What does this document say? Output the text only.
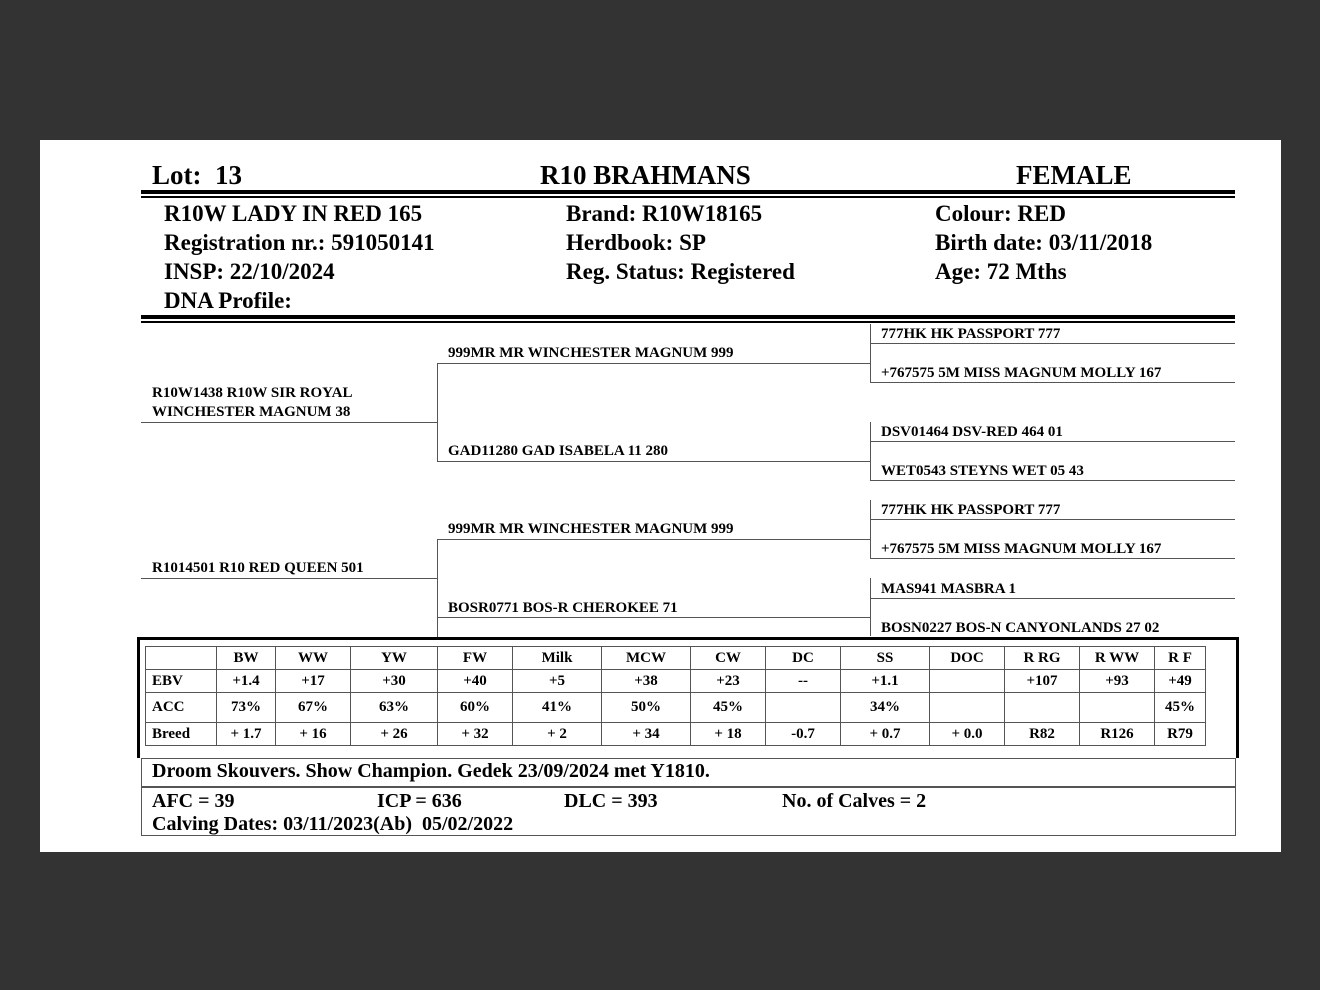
Lot: 13	R10 BRAHMANS	FEMALE
R10W LADY IN RED 165
Registration nr.: 591050141
INSP: 22/10/2024
DNA Profile:
Brand: R10W18165
Herdbook: SP
Reg. Status: Registered
Colour: RED
Birth date: 03/11/2018
Age: 72 Mths
R10W1438 R10W SIR ROYAL
WINCHESTER MAGNUM 38
R1014501 R10 RED QUEEN 501
999MR MR WINCHESTER MAGNUM 999
GAD11280 GAD ISABELA 11 280
999MR MR WINCHESTER MAGNUM 999
BOSR0771 BOS-R CHEROKEE 71
777HK HK PASSPORT 777
+767575 5M MISS MAGNUM MOLLY 167
DSV01464 DSV-RED 464 01
WET0543 STEYNS WET 05 43
777HK HK PASSPORT 777
+767575 5M MISS MAGNUM MOLLY 167
MAS941 MASBRA 1
BOSN0227 BOS-N CANYONLANDS 27 02
	BW	WW	YW	FW	Milk	MCW	CW	DC	SS	DOC	R RG	R WW	R F
EBV	+1.4	+17	+30	+40	+5	+38	+23	--	+1.1		+107	+93	+49
ACC	73%	67%	63%	60%	41%	50%	45%		34%				45%
Breed	+ 1.7	+ 16	+ 26	+ 32	+ 2	+ 34	+ 18	-0.7	+ 0.7	+ 0.0	R82	R126	R79
Droom Skouvers. Show Champion. Gedek 23/09/2024 met Y1810.
AFC = 39	ICP = 636	DLC = 393	No. of Calves = 2
Calving Dates: 03/11/2023(Ab)  05/02/2022
